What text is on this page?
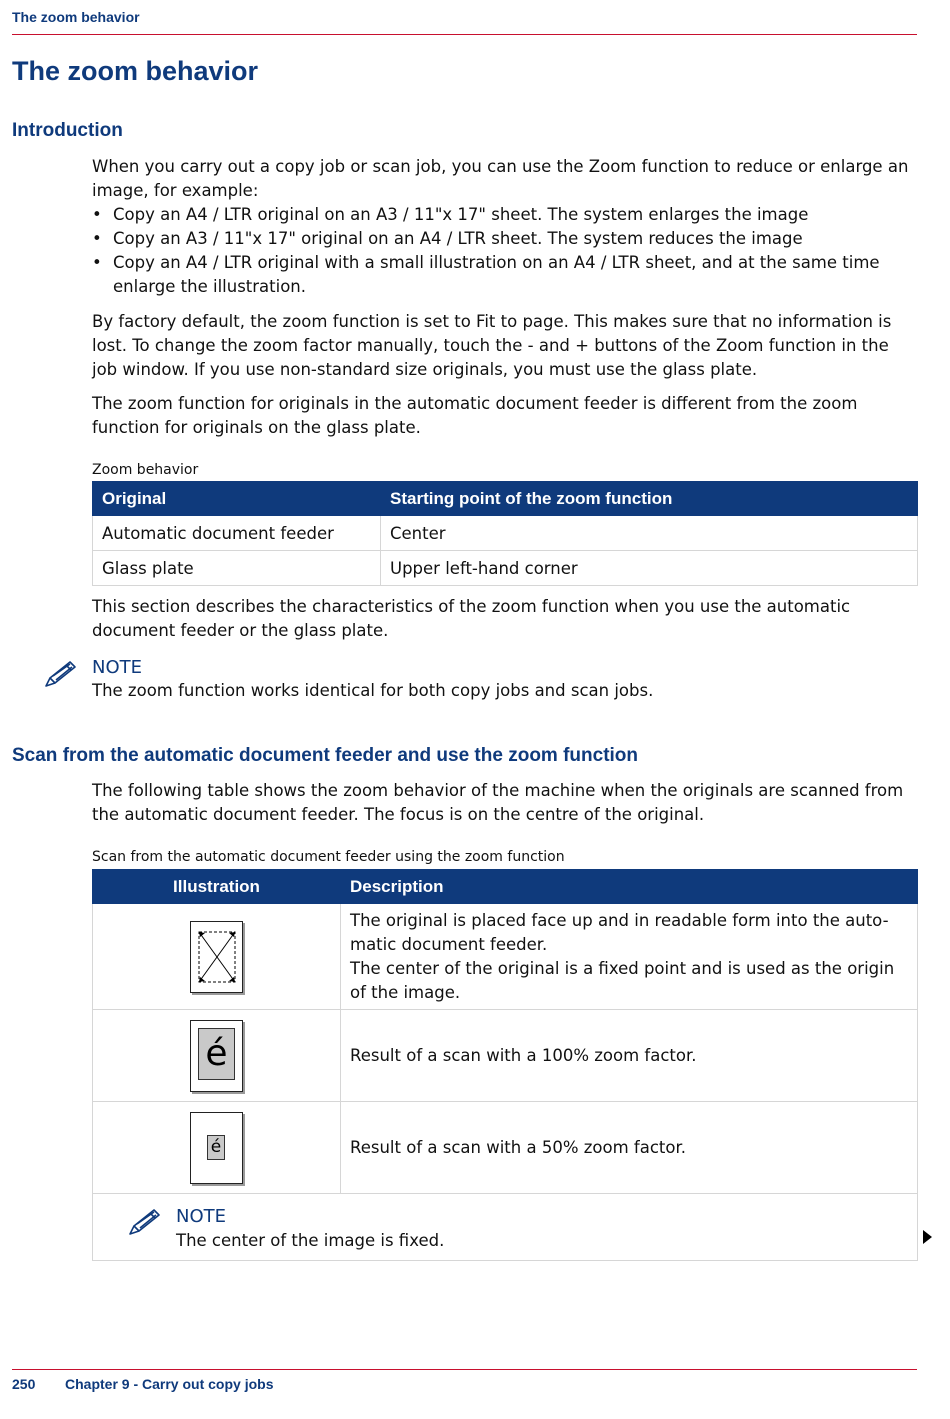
The zoom behavior
The zoom behavior
Introduction

When you carry out a copy job or scan job, you can use the Zoom function to reduce or enlarge an image, for example:

• Copy an A4 / LTR original on an A3 / 11"x 17" sheet. The system enlarges the image
• Copy an A3 / 11"x 17" original on an A4 / LTR sheet. The system reduces the image
• Copy an A4 / LTR original with a small illustration on an A4 / LTR sheet, and at the same time enlarge the illustration.

By factory default, the zoom function is set to Fit to page. This makes sure that no information is lost. To change the zoom factor manually, touch the - and + buttons of the Zoom function in the job window. If you use non-standard size originals, you must use the glass plate.

The zoom function for originals in the automatic document feeder is different from the zoom function for originals on the glass plate.

Zoom behavior
Original	Starting point of the zoom function
Automatic document feeder	Center
Glass plate	Upper left-hand corner

This section describes the characteristics of the zoom function when you use the automatic document feeder or the glass plate.

NOTE
The zoom function works identical for both copy jobs and scan jobs.
Scan from the automatic document feeder and use the zoom function

The following table shows the zoom behavior of the machine when the originals are scanned from the automatic document feeder. The focus is on the centre of the original.

Scan from the automatic document feeder using the zoom function
Illustration	Description

The original is placed face up and in readable form into the auto-matic document feeder.
The center of the original is a fixed point and is used as the origin of the image.

é	Result of a scan with a 100% zoom factor.

é	Result of a scan with a 50% zoom factor.

NOTE
The center of the image is fixed.	
250 Chapter 9 - Carry out copy jobs
